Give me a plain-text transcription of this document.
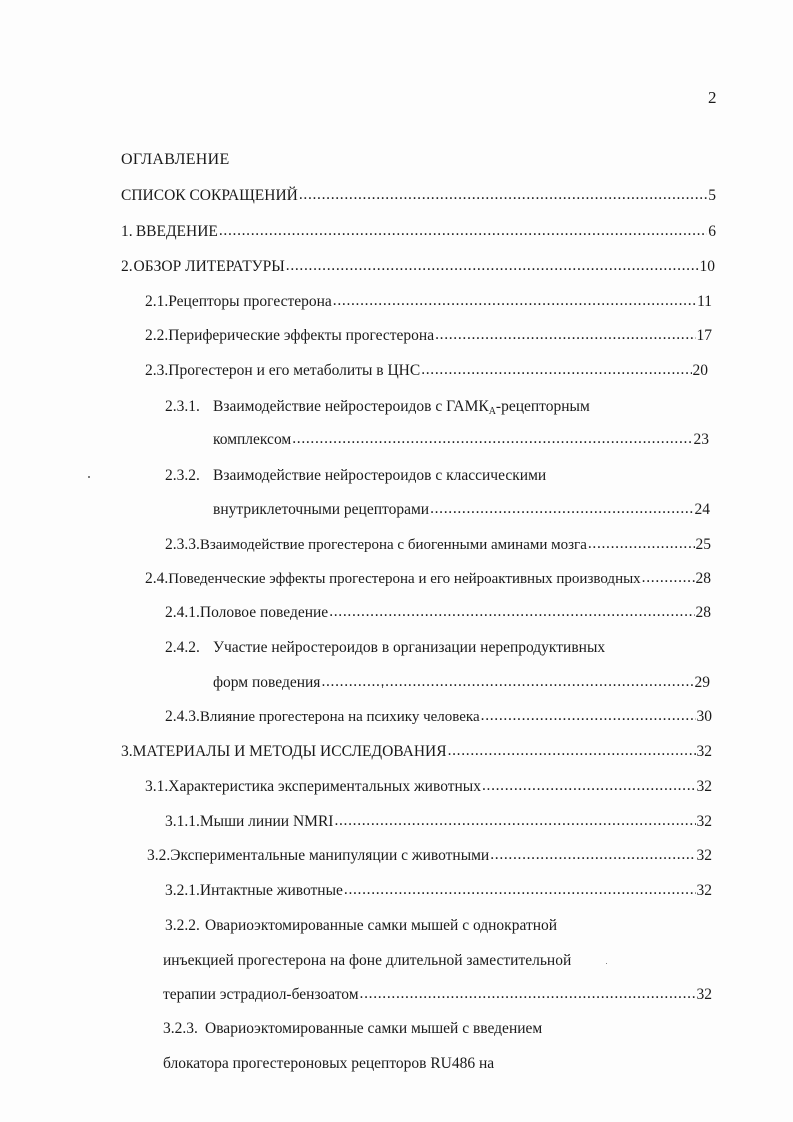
2
ОГЛАВЛЕНИЕ
СПИСОК СОКРАЩЕНИЙ . . .	5
1. ВВЕДЕНИЕ . . .	6
2. ОБЗОР ЛИТЕРАТУРЫ . . .	10
2.1. Рецепторы прогестерона . . .	11
2.2. Периферические эффекты прогестерона . . .	17
2.3. Прогестерон и его метаболиты в ЦНС . . .	20
2.3.1. Взаимодействие нейростероидов с ГАМКA-рецепторным
комплексом . . .	23
2.3.2. Взаимодействие нейростероидов с классическими
внутриклеточными рецепторами . . .	24
2.3.3. Взаимодействие прогестерона с биогенными аминами мозга . . .	25
2.4. Поведенческие эффекты прогестерона и его нейроактивных производных . . .	28
2.4.1. Половое поведение . . .	28
2.4.2. Участие нейростероидов в организации нерепродуктивных
форм поведения . . .	29
2.4.3. Влияние прогестерона на психику человека . . .	30
3. МАТЕРИАЛЫ И МЕТОДЫ ИССЛЕДОВАНИЯ . . .	32
3.1. Характеристика экспериментальных животных . . .	32
3.1.1. Мыши линии NMRI . . .	32
3.2. Экспериментальные манипуляции с животными . . .	32
3.2.1. Интактные животные . . .	32
3.2.2. Овариоэктомированные самки мышей с однократной
инъекцией прогестерона на фоне длительной заместительной
терапии эстрадиол-бензоатом . . .	32
3.2.3. Овариоэктомированные самки мышей с введением
блокатора прогестероновых рецепторов RU486 на
